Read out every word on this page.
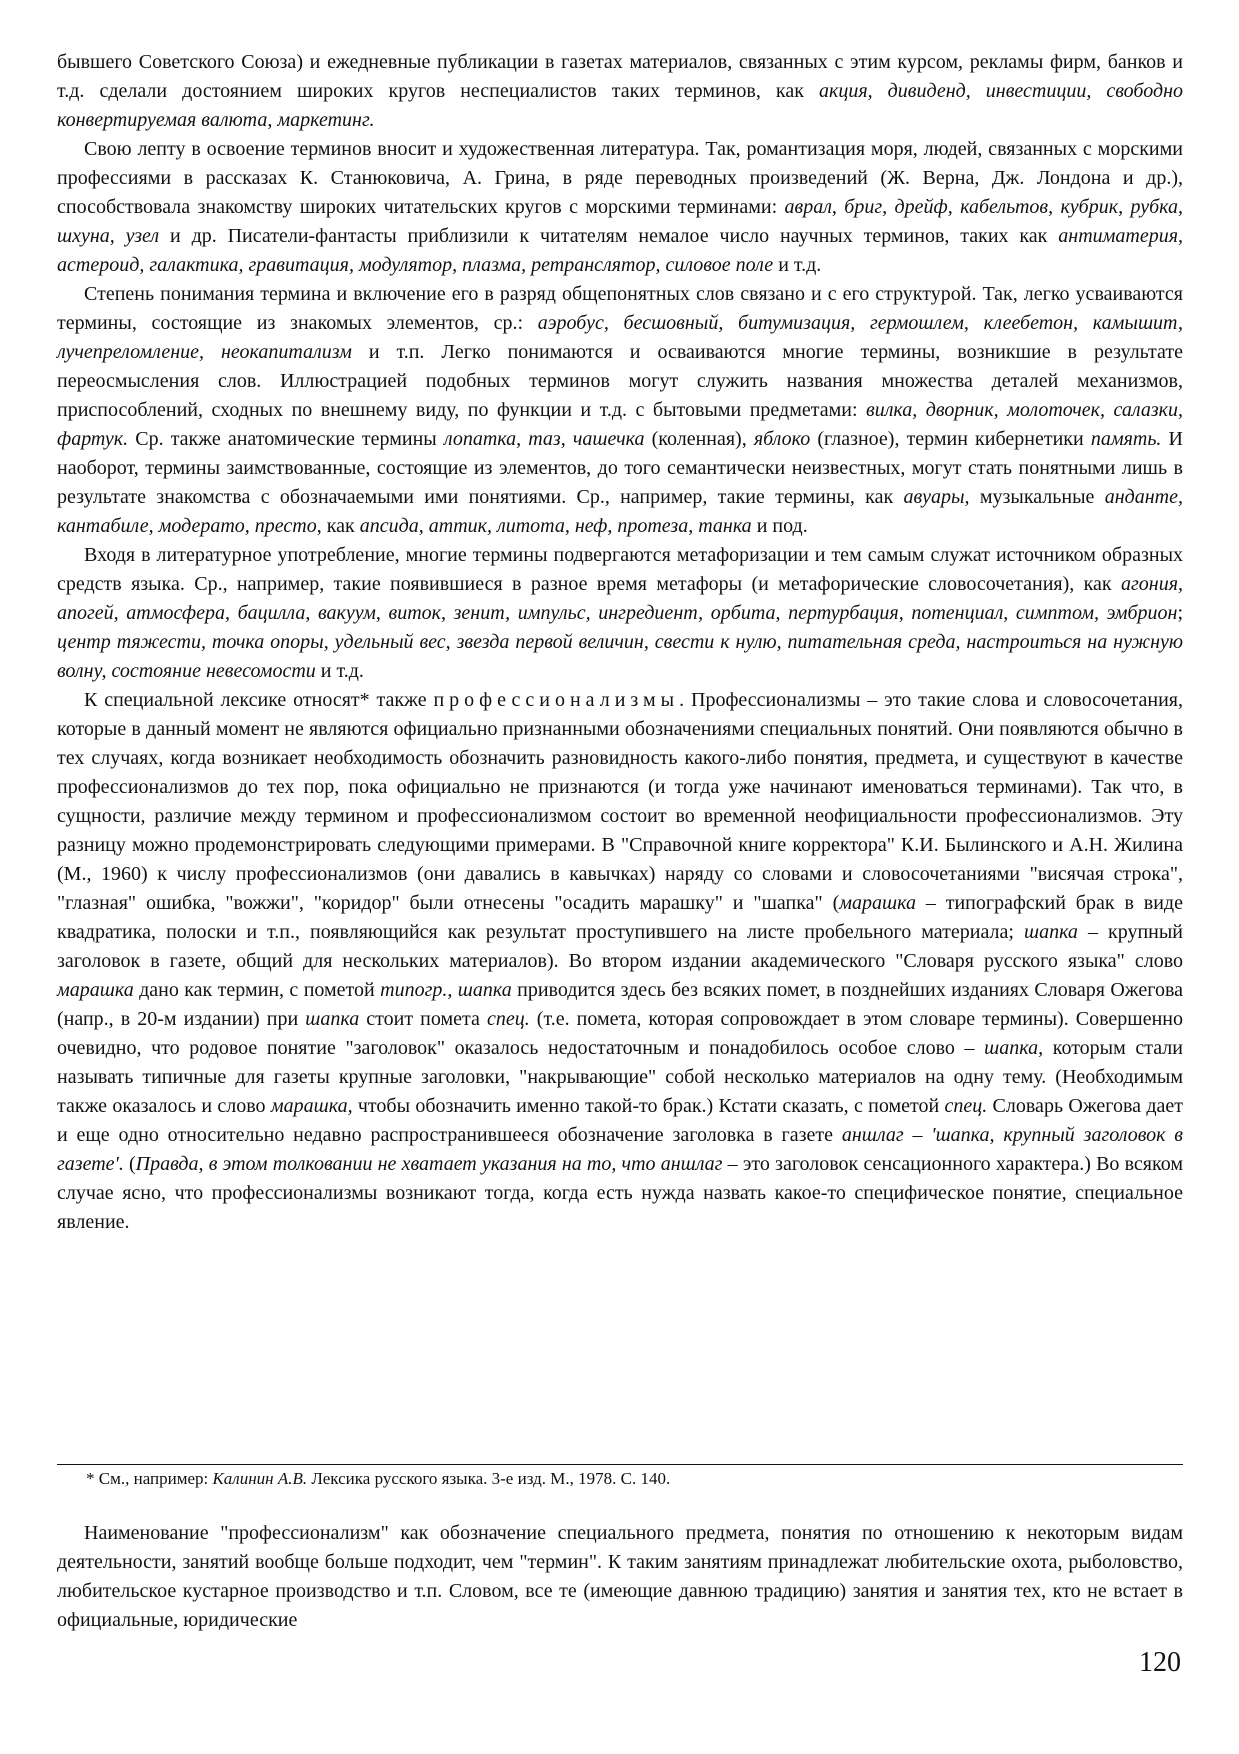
бывшего Советского Союза) и ежедневные публикации в газетах материалов, связанных с этим курсом, рекламы фирм, банков и т.д. сделали достоянием широких кругов неспециалистов таких терминов, как акция, дивиденд, инвестиции, свободно конвертируемая валюта, маркетинг.

Свою лепту в освоение терминов вносит и художественная литература. Так, романтизация моря, людей, связанных с морскими профессиями в рассказах К. Станюковича, А. Грина, в ряде переводных произведений (Ж. Верна, Дж. Лондона и др.), способствовала знакомству широких читательских кругов с морскими терминами: аврал, бриг, дрейф, кабельтов, кубрик, рубка, шхуна, узел и др. Писатели-фантасты приблизили к читателям немалое число научных терминов, таких как антиматерия, астероид, галактика, гравитация, модулятор, плазма, ретранслятор, силовое поле и т.д.

Степень понимания термина и включение его в разряд общепонятных слов связано и с его структурой. Так, легко усваиваются термины, состоящие из знакомых элементов, ср.: аэробус, бесшовный, битумизация, гермошлем, клеебетон, камышит, лучепреломление, неокапитализм и т.п. Легко понимаются и осваиваются многие термины, возникшие в результате переосмысления слов. Иллюстрацией подобных терминов могут служить названия множества деталей механизмов, приспособлений, сходных по внешнему виду, по функции и т.д. с бытовыми предметами: вилка, дворник, молоточек, салазки, фартук. Ср. также анатомические термины лопатка, таз, чашечка (коленная), яблоко (глазное), термин кибернетики память. И наоборот, термины заимствованные, состоящие из элементов, до того семантически неизвестных, могут стать понятными лишь в результате знакомства с обозначаемыми ими понятиями. Ср., например, такие термины, как авуары, музыкальные анданте, кантабиле, модерато, престо, как апсида, аттик, литота, неф, протеза, танка и под.

Входя в литературное употребление, многие термины подвергаются метафоризации и тем самым служат источником образных средств языка. Ср., например, такие появившиеся в разное время метафоры (и метафорические словосочетания), как агония, апогей, атмосфера, бацилла, вакуум, виток, зенит, импульс, ингредиент, орбита, пертурбация, потенциал, симптом, эмбрион; центр тяжести, точка опоры, удельный вес, звезда первой величин, свести к нулю, питательная среда, настроиться на нужную волну, состояние невесомости и т.д.

К специальной лексике относят* также профессионализмы. Профессионализмы – это такие слова и словосочетания, которые в данный момент не являются официально признанными обозначениями специальных понятий. Они появляются обычно в тех случаях, когда возникает необходимость обозначить разновидность какого-либо понятия, предмета, и существуют в качестве профессионализмов до тех пор, пока официально не признаются (и тогда уже начинают именоваться терминами). Так что, в сущности, различие между термином и профессионализмом состоит во временной неофициальности профессионализмов. Эту разницу можно продемонстрировать следующими примерами. В "Справочной книге корректора" К.И. Былинского и А.Н. Жилина (М., 1960) к числу профессионализмов (они давались в кавычках) наряду со словами и словосочетаниями "висячая строка", "глазная" ошибка, "вожжи", "коридор" были отнесены "осадить марашку" и "шапка" (марашка – типографский брак в виде квадратика, полоски и т.п., появляющийся как результат проступившего на листе пробельного материала; шапка – крупный заголовок в газете, общий для нескольких материалов). Во втором издании академического "Словаря русского языка" слово марашка дано как термин, с пометой типогр., шапка приводится здесь без всяких помет, в позднейших изданиях Словаря Ожегова (напр., в 20-м издании) при шапка стоит помета спец. (т.е. помета, которая сопровождает в этом словаре термины). Совершенно очевидно, что родовое понятие "заголовок" оказалось недостаточным и понадобилось особое слово – шапка, которым стали называть типичные для газеты крупные заголовки, "накрывающие" собой несколько материалов на одну тему. (Необходимым также оказалось и слово марашка, чтобы обозначить именно такой-то брак.) Кстати сказать, с пометой спец. Словарь Ожегова дает и еще одно относительно недавно распространившееся обозначение заголовка в газете аншлаг – 'шапка, крупный заголовок в газете'. (Правда, в этом толковании не хватает указания на то, что аншлаг – это заголовок сенсационного характера.) Во всяком случае ясно, что профессионализмы возникают тогда, когда есть нужда назвать какое-то специфическое понятие, специальное явление.

* См., например: Калинин А.В. Лексика русского языка. 3-е изд. М., 1978. С. 140.

Наименование "профессионализм" как обозначение специального предмета, понятия по отношению к некоторым видам деятельности, занятий вообще больше подходит, чем "термин". К таким занятиям принадлежат любительские охота, рыболовство, любительское кустарное производство и т.п. Словом, все те (имеющие давнюю традицию) занятия и занятия тех, кто не встает в официальные, юридические

120
